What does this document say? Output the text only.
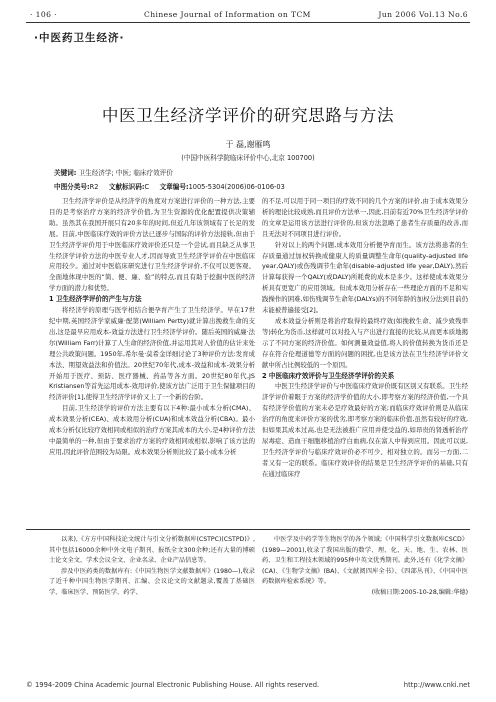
· 106 ·	Chinese Journal of Information on TCM	Jun 2006 Vol.13 No.6
·中医药卫生经济·
中医卫生经济学评价的研究思路与方法
于 磊,谢雁鸣
(中国中医科学院临床评价中心,北京 100700)
关键词: 卫生经济学; 中医; 临床疗效评价
中图分类号:R2 文献标识码:C 文章编号:1005-5304(2006)06-0106-03

卫生经济学评价是从经济学的角度对方案进行评价的一种方法,主要目的是考察治疗方案的经济学价值,为卫生资源的优化配置提供决策辅助。虽然其在我国开展只有20多年的时间,但近几年该领域有了长足的发展。目前,中医临床疗效的评价方法已逐步与国际的评价方法接轨,但由于卫生经济学评价用于中医临床疗效评价还只是一个尝试,而且缺乏从事卫生经济学评价方法的中医专业人才,因而导致卫生经济学评价在中医临床应用较少。通过对中医临床研究进行卫生经济学评价,不仅可以更客观、全面地体现中医的“简、便、廉、验”的特点,而且有助于挖掘中医的经济学方面的潜力和优势。

1 卫生经济学评价的产生与方法

将经济学的原理与医学相结合便孕育产生了卫生经济学。早在17世纪中期,英国经济学家威廉·配第(William Pertty)就计算出挽救生命的支出,这是最早应用成本-效益方法进行卫生经济学评价。随后英国的威廉·法尔(William Farr)计算了人生命的经济价值,并运用其对人价值的估计来处理公共政策问题。1950年,希尔曼·莫希金详细讨论了3种评价方法:发育成本法、期望效益法和价值法。20世纪70年代,成本-效益和成本-效果分析开始用于医疗、预防、医疗器械、药品等各方面。20世纪80年代,JS Kristiansen等首先运用成本-效用评价,使该方法广泛用于卫生保健项目的经济评价[1],使得卫生经济学评价又上了一个新的台阶。

目前,卫生经济学的评价方法主要有以下4种:最小成本分析(CMA)、成本效果分析(CEA)、成本效用分析(CUA)和成本效益分析(CBA)。最小成本分析仅比较疗效相同或相似的治疗方案其成本的大小,是4种评价方法中最简单的一种,但由于要求治疗方案的疗效相同或相似,影响了该方法的应用,因此评价范围较为局限。成本效果分析则比较了最小成本分析

的不足,可以用于同一项目的疗效不同的几个方案的评价,由于成本效果分析的理论比较成熟,而且评价方法单一,因此,目前有近70%卫生经济学评价的文章是运用该方法进行评价的,但该方法忽略了患者生存质量的改善,而且无法对不同项目进行评价。

针对以上的两个问题,成本效用分析便孕育而生。该方法将患者的生存质量通过加权转换成健康人的质量调整生命年(quality-adjusted life year,QALY)或伤残调节生命年(disable-adjusted life year,DALY),然后计算每获得一个QALY(或DALY)所耗费的成本是多少。这样使成本效果分析具有更宽广的应用领域。但成本效用分析存在一些理论方面的不足和实践操作的困难,如伤残调节生命年(DALYs)的不同年龄的加权分法到目前仍未能被普遍接受[2]。

成本效益分析则是将治疗取得的最终疗效(如挽救生命、减少致残率等)转化为货币,这样就可以对投入与产出进行直接的比较,从而更本质地揭示了不同方案的经济价值。如何测量效益值,将人的价值转换为货币还是存在符合伦理道德等方面的问题的困扰,也是该方法在卫生经济学评价文献中所占比例较低的一个原因。

2 中医临床疗效评价与卫生经济学评价的关系

中医卫生经济学评价与中医临床疗效评价既有区别又有联系。卫生经济学评价着眼于方案的经济学价值的大小,即考察方案的经济价值,一个具有经济学价值的方案未必是疗效最好的方案;而临床疗效评价则是从临床治疗的角度来评价方案的优劣,即考察方案的临床价值,虽然有较好的疗效,但如果其成本过高,也是无法被推广应用并使受益的,如昂贵的肾透析治疗尿毒症、造血干细胞移植治疗白血病,仅在富人中得到应用。因此可以说,卫生经济学评价与临床疗效评价必不可少、相对独立的。而另一方面,二者又有一定的联系。临床疗效评价的结果是卫生经济学评价的基础,只有在通过临床疗

以来),《方方中国科技论文统计与引文分析数据库(CSTPC)(CSTPD)》,其中包括16000余种中外文电子期刊、报纸全文300余种;还有大量的博硕士论文全文、学术会议全文、企业名录、企业产品信息等。

涉及中医药类的数据库有:《中国生物医学文献数据库》(1980—),收录了近千种中国生物医学期刊、汇编、会议论文的文献题录,覆盖了基础医学、临床医学、预防医学、药学、

中医学及中药学等生物医学的各个领域;《中国科学引文数据库CSCD》(1989—2001),收录了我国出版的数学、理、化、天、地、生、农林、医药、卫生和工程技术领域的995种中英文优秀期刊。此外,还有《化学文摘》(CA)、《生物学文摘》(BA)、《文献阅四库全书》、《四部丛刊》、《中国中医药数据库检索系统》等。

(收稿日期:2005-10-28,编辑:华德)

© 1994-2009 China Academic Journal Electronic Publishing House. All rights reserved.	http://www.cnki.net
